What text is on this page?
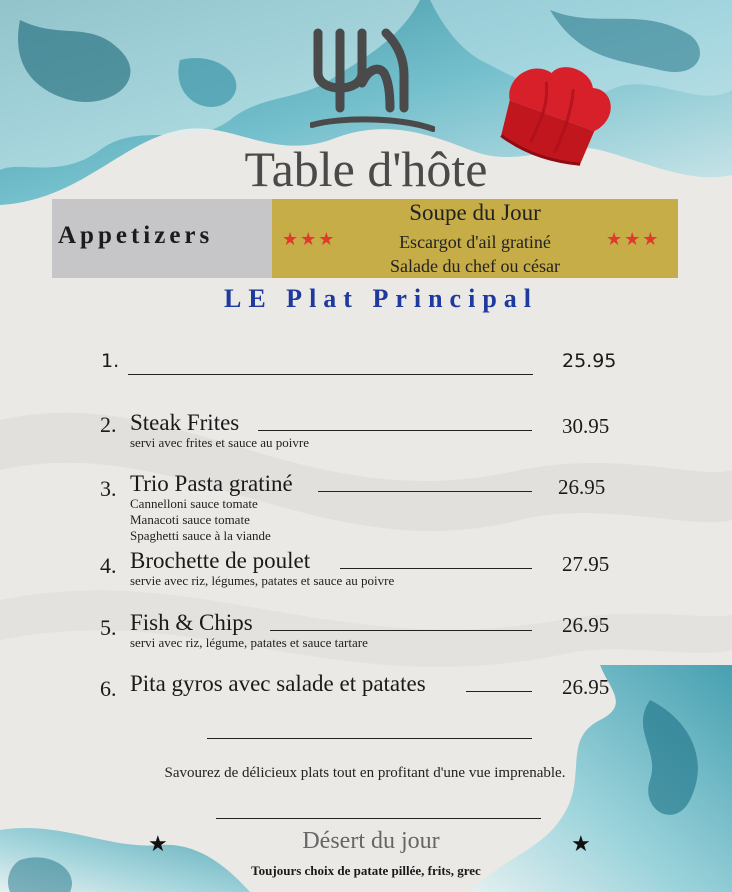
Table d'hôte
Appetizers	★★★	★★★
Soupe du Jour
Escargot d'ail gratiné
Salade du chef ou césar
LE Plat Principal
1.	25.95
2. Steak Frites
servi avec frites et sauce au poivre
30.95
3. Trio Pasta gratiné
Cannelloni sauce tomate
Manacoti sauce tomate
Spaghetti sauce à la viande
26.95
4. Brochette de poulet
servie avec riz, légumes, patates et sauce au poivre
27.95
5. Fish & Chips
servi avec riz, légume, patates et sauce tartare
26.95
6. Pita gyros avec salade et patates	26.95
Savourez de délicieux plats tout en profitant d'une vue imprenable.
★	★
Désert du jour
Toujours choix de patate pillée, frits, grec
